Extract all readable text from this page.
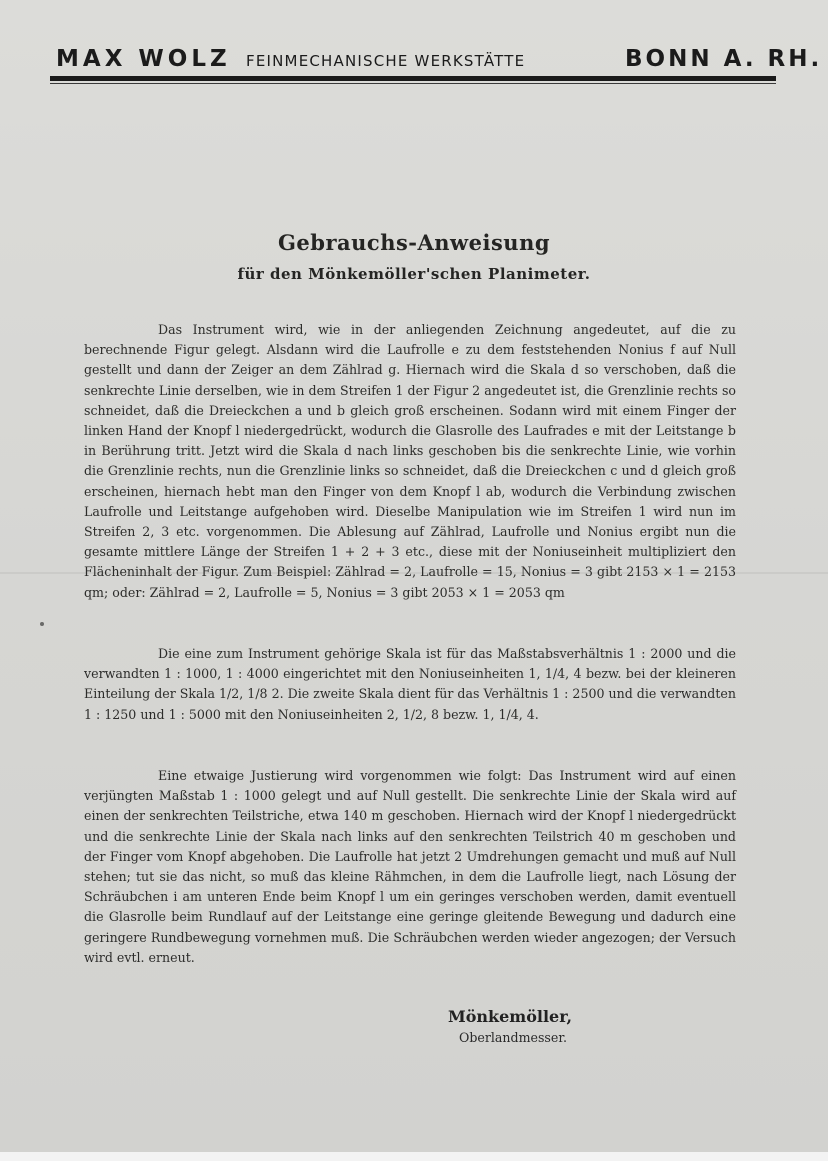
MAX WOLZ FEINMECHANISCHE WERKSTÄTTE	BONN A. RH.
Gebrauchs-Anweisung
für den Mönkemöller'schen Planimeter.

Das Instrument wird, wie in der anliegenden Zeichnung angedeutet, auf die zu berechnende Figur gelegt. Alsdann wird die Laufrolle e zu dem feststehenden Nonius f auf Null gestellt und dann der Zeiger an dem Zählrad g. Hiernach wird die Skala d so verschoben, daß die senkrechte Linie derselben, wie in dem Streifen 1 der Figur 2 angedeutet ist, die Grenzlinie rechts so schneidet, daß die Dreieckchen a und b gleich groß erscheinen. Sodann wird mit einem Finger der linken Hand der Knopf l niedergedrückt, wodurch die Glasrolle des Laufrades e mit der Leitstange b in Berührung tritt. Jetzt wird die Skala d nach links geschoben bis die senkrechte Linie, wie vorhin die Grenzlinie rechts, nun die Grenzlinie links so schneidet, daß die Dreieckchen c und d gleich groß erscheinen, hiernach hebt man den Finger von dem Knopf l ab, wodurch die Verbindung zwischen Laufrolle und Leitstange aufgehoben wird. Dieselbe Manipulation wie im Streifen 1 wird nun im Streifen 2, 3 etc. vorgenommen. Die Ablesung auf Zählrad, Laufrolle und Nonius ergibt nun die gesamte mittlere Länge der Streifen 1 + 2 + 3 etc., diese mit der Noniuseinheit multipliziert den Flächeninhalt der Figur. Zum Beispiel: Zählrad = 2, Laufrolle = 15, Nonius = 3 gibt 2153 × 1 = 2153 qm; oder: Zählrad = 2, Laufrolle = 5, Nonius = 3 gibt 2053 × 1 = 2053 qm

Die eine zum Instrument gehörige Skala ist für das Maßstabsverhältnis 1 : 2000 und die verwandten 1 : 1000, 1 : 4000 eingerichtet mit den Noniuseinheiten 1, 1/4, 4 bezw. bei der kleineren Einteilung der Skala 1/2, 1/8 2. Die zweite Skala dient für das Verhältnis 1 : 2500 und die verwandten 1 : 1250 und 1 : 5000 mit den Noniuseinheiten 2, 1/2, 8 bezw. 1, 1/4, 4.

Eine etwaige Justierung wird vorgenommen wie folgt: Das Instrument wird auf einen verjüngten Maßstab 1 : 1000 gelegt und auf Null gestellt. Die senkrechte Linie der Skala wird auf einen der senkrechten Teilstriche, etwa 140 m geschoben. Hiernach wird der Knopf l niedergedrückt und die senkrechte Linie der Skala nach links auf den senkrechten Teilstrich 40 m geschoben und der Finger vom Knopf abgehoben. Die Laufrolle hat jetzt 2 Umdrehungen gemacht und muß auf Null stehen; tut sie das nicht, so muß das kleine Rähmchen, in dem die Laufrolle liegt, nach Lösung der Schräubchen i am unteren Ende beim Knopf l um ein geringes verschoben werden, damit eventuell die Glasrolle beim Rundlauf auf der Leitstange eine geringe gleitende Bewegung und dadurch eine geringere Rundbewegung vornehmen muß. Die Schräubchen werden wieder angezogen; der Versuch wird evtl. erneut.

Mönkemöller,
Oberlandmesser.
